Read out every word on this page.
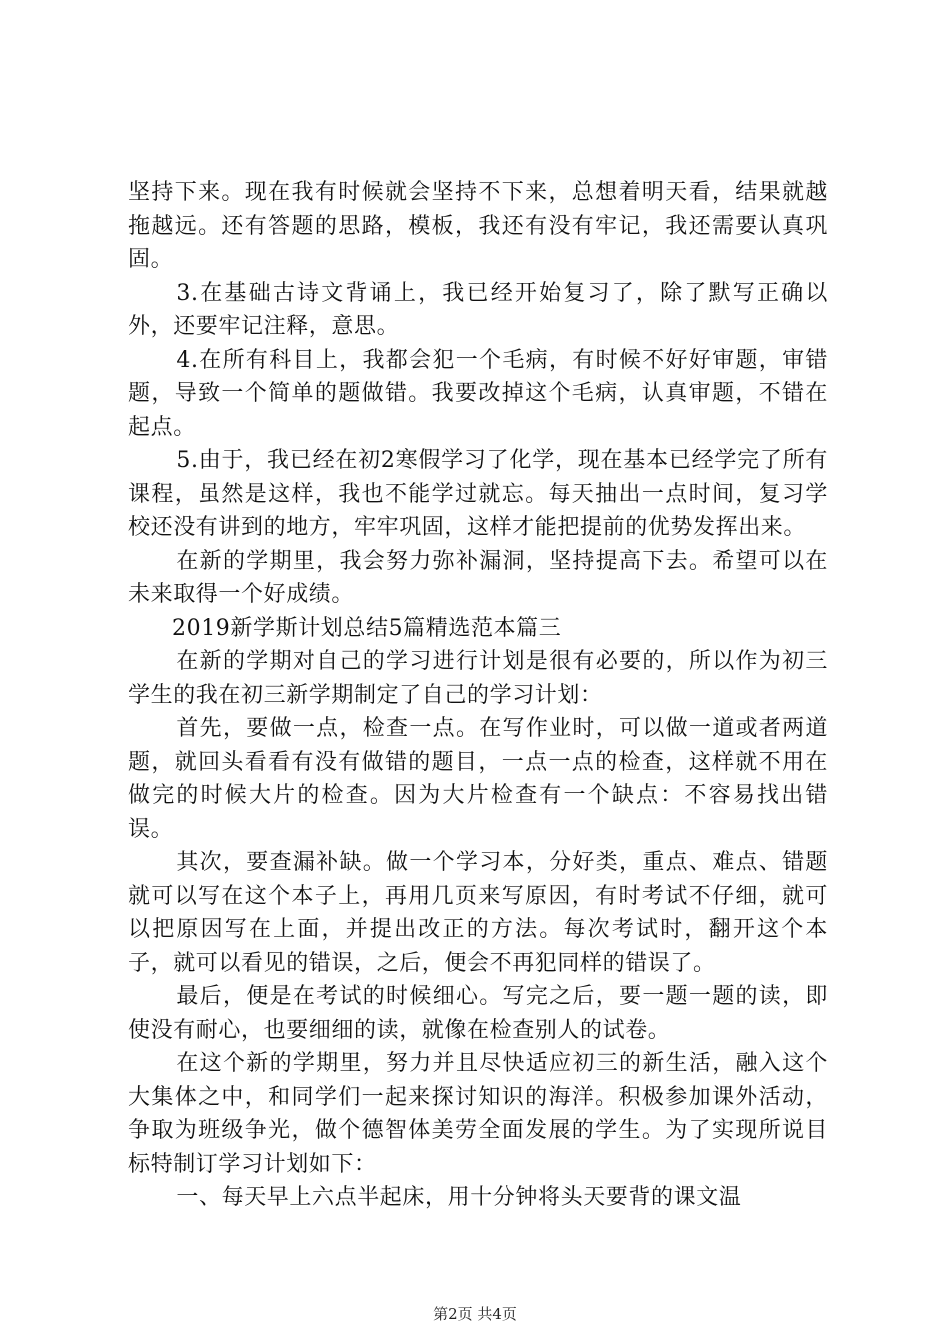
坚持下来。现在我有时候就会坚持不下来，总想着明天看，结果就越拖越远。还有答题的思路，模板，我还有没有牢记，我还需要认真巩固。

3.在基础古诗文背诵上，我已经开始复习了，除了默写正确以外，还要牢记注释，意思。

4.在所有科目上，我都会犯一个毛病，有时候不好好审题，审错题，导致一个简单的题做错。我要改掉这个毛病，认真审题，不错在起点。

5.由于，我已经在初2寒假学习了化学，现在基本已经学完了所有课程，虽然是这样，我也不能学过就忘。每天抽出一点时间，复习学校还没有讲到的地方，牢牢巩固，这样才能把提前的优势发挥出来。

在新的学期里，我会努力弥补漏洞，坚持提高下去。希望可以在未来取得一个好成绩。

2019新学斯计划总结5篇精选范本篇三

在新的学期对自己的学习进行计划是很有必要的，所以作为初三学生的我在初三新学期制定了自己的学习计划：

首先，要做一点，检查一点。在写作业时，可以做一道或者两道题，就回头看看有没有做错的题目，一点一点的检查，这样就不用在做完的时候大片的检查。因为大片检查有一个缺点：不容易找出错误。

其次，要查漏补缺。做一个学习本，分好类，重点、难点、错题就可以写在这个本子上，再用几页来写原因，有时考试不仔细，就可以把原因写在上面，并提出改正的方法。每次考试时，翻开这个本子，就可以看见的错误，之后，便会不再犯同样的错误了。

最后，便是在考试的时候细心。写完之后，要一题一题的读，即使没有耐心，也要细细的读，就像在检查别人的试卷。

在这个新的学期里，努力并且尽快适应初三的新生活，融入这个大集体之中，和同学们一起来探讨知识的海洋。积极参加课外活动，争取为班级争光，做个德智体美劳全面发展的学生。为了实现所说目标特制订学习计划如下：

一、每天早上六点半起床，用十分钟将头天要背的课文温

第2页 共4页
